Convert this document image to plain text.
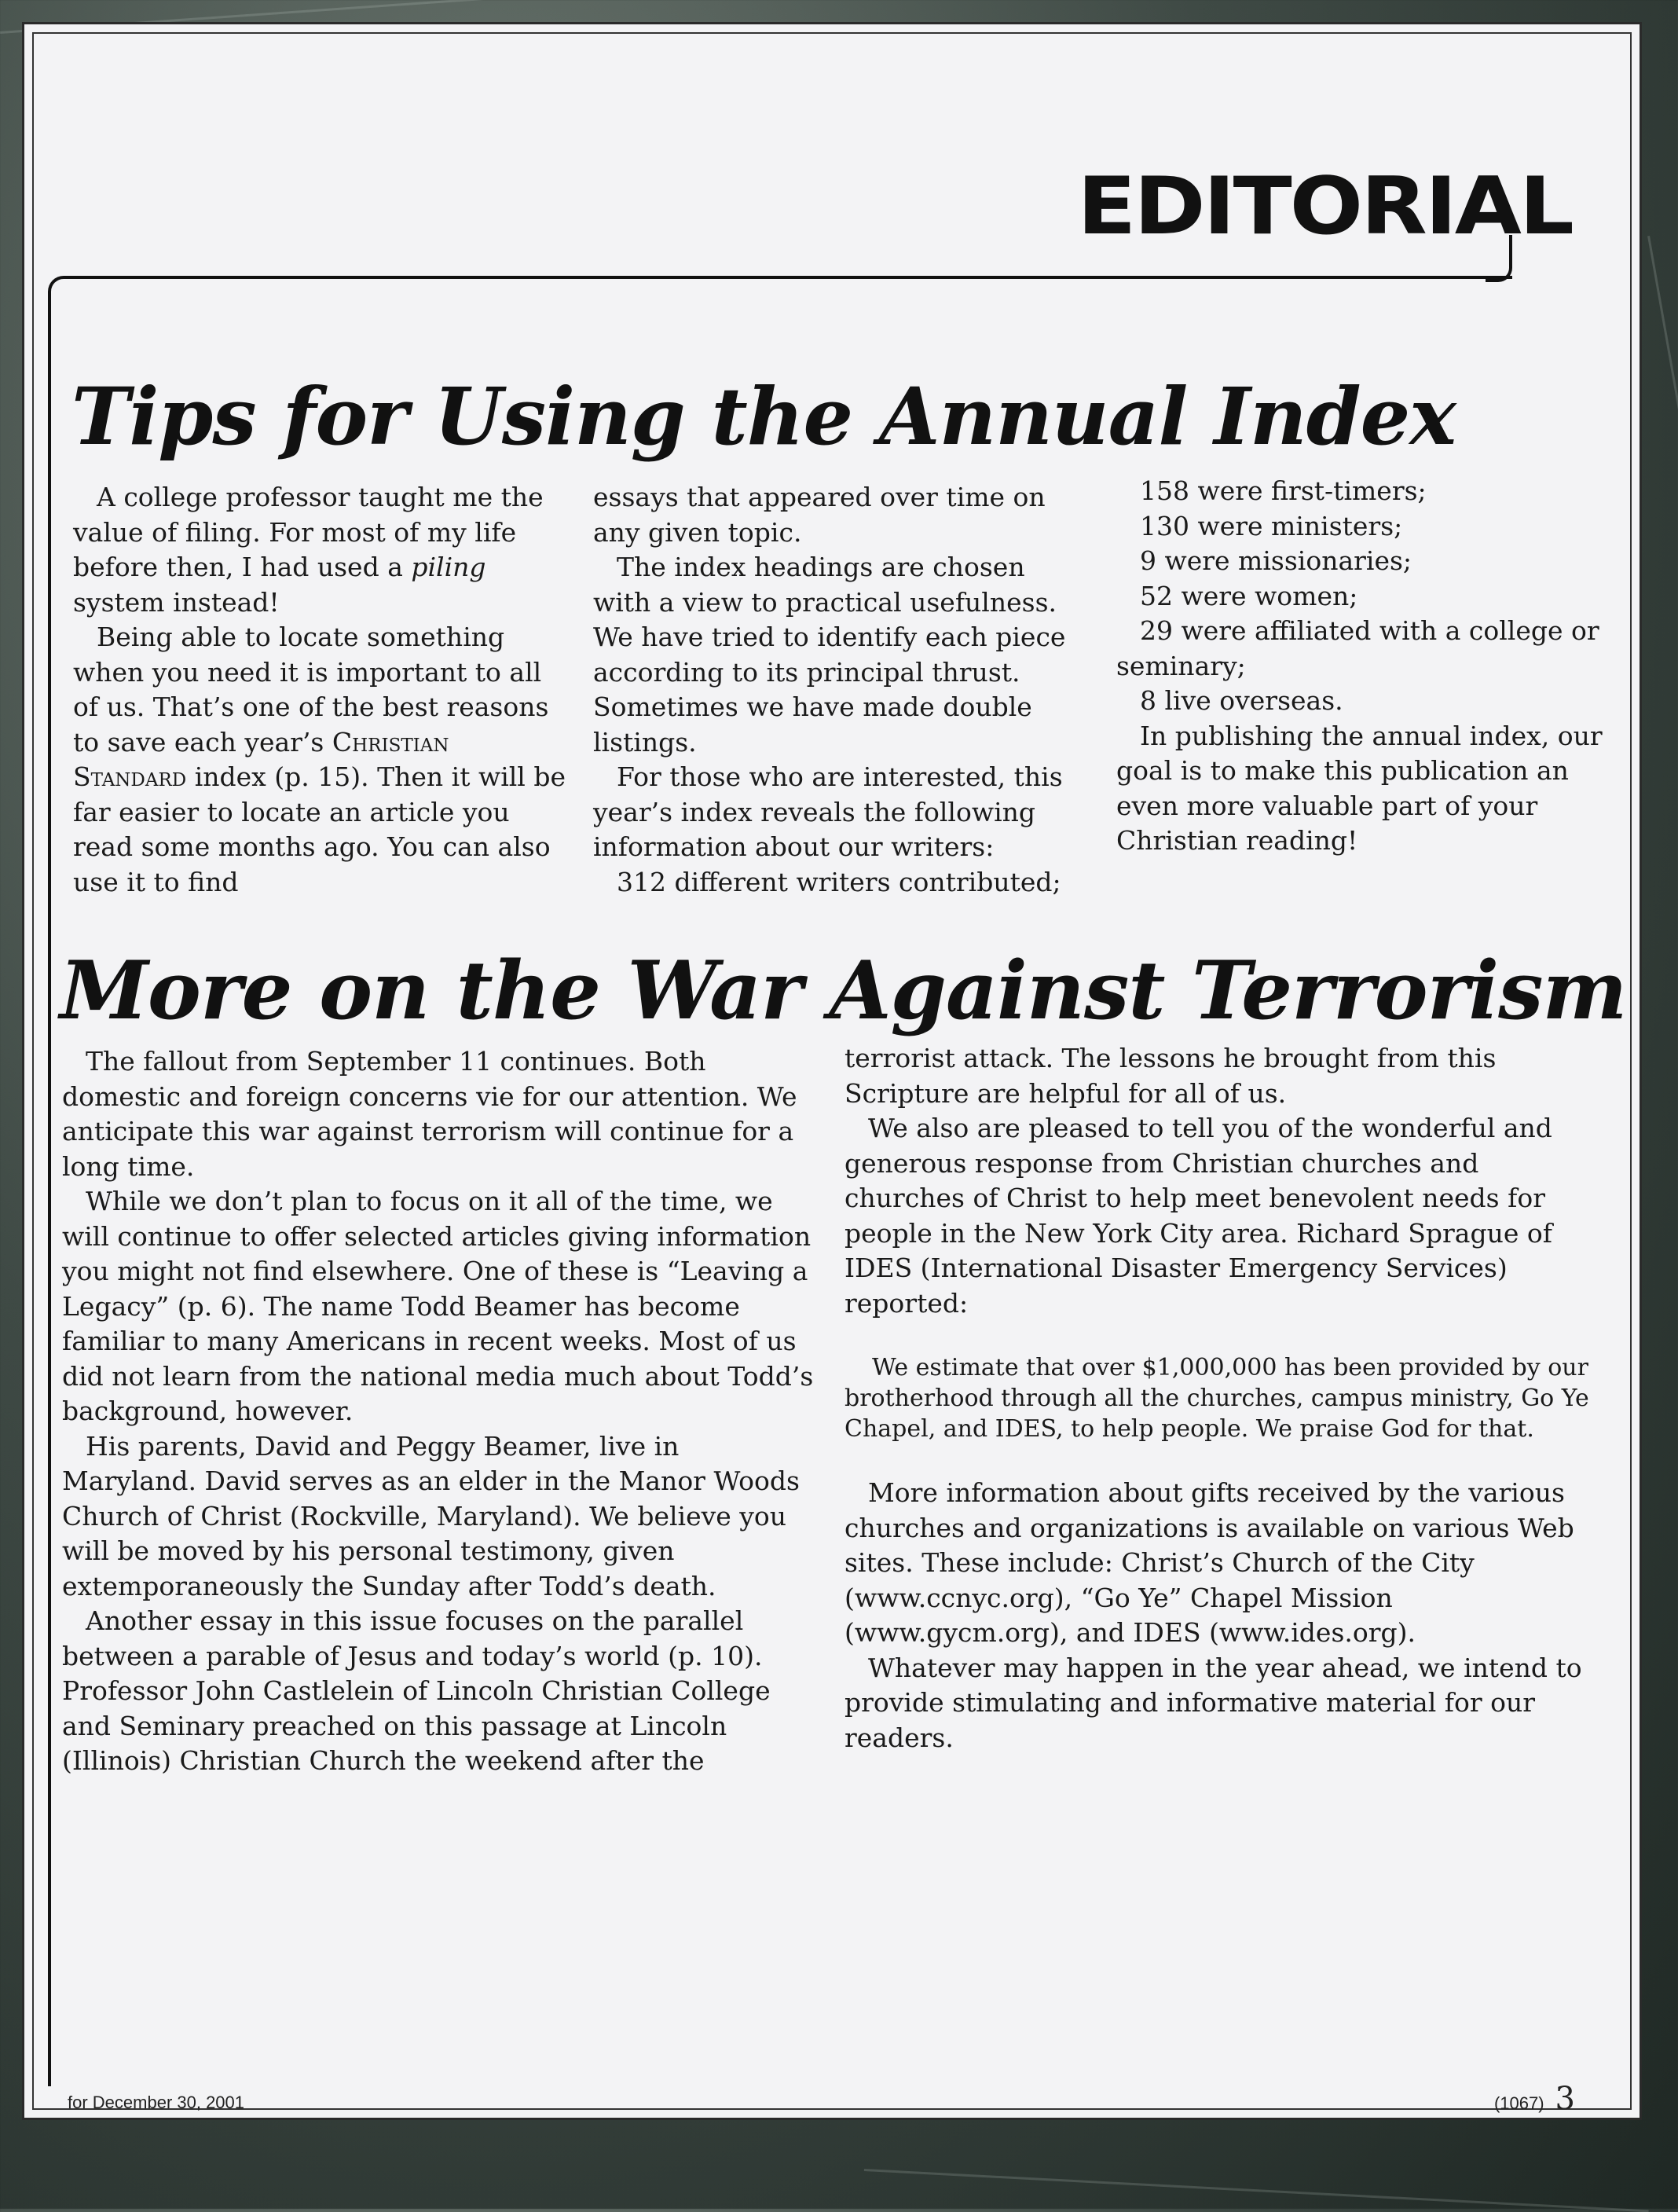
EDITORIAL
Tips for Using the Annual Index

A college professor taught me the value of filing. For most of my life before then, I had used a piling system instead!

Being able to locate something when you need it is important to all of us. That’s one of the best reasons to save each year’s Christian Standard index (p. 15). Then it will be far easier to locate an article you read some months ago. You can also use it to find

essays that appeared over time on any given topic.

The index headings are chosen with a view to practical usefulness. We have tried to identify each piece according to its principal thrust. Sometimes we have made double listings.

For those who are interested, this year’s index reveals the following information about our writers:

312 different writers contributed;

158 were first-timers;

130 were ministers;

9 were missionaries;

52 were women;

29 were affiliated with a college or seminary;

8 live overseas.

In publishing the annual index, our goal is to make this publication an even more valuable part of your Christian reading!

More on the War Against Terrorism

The fallout from September 11 continues. Both domestic and foreign concerns vie for our attention. We anticipate this war against terrorism will continue for a long time.

While we don’t plan to focus on it all of the time, we will continue to offer selected articles giving information you might not find elsewhere. One of these is “Leaving a Legacy” (p. 6). The name Todd Beamer has become familiar to many Americans in recent weeks. Most of us did not learn from the national media much about Todd’s background, however.

His parents, David and Peggy Beamer, live in Maryland. David serves as an elder in the Manor Woods Church of Christ (Rockville, Maryland). We believe you will be moved by his personal testimony, given extemporaneously the Sunday after Todd’s death.

Another essay in this issue focuses on the parallel between a parable of Jesus and today’s world (p. 10). Professor John Castlelein of Lincoln Christian College and Seminary preached on this passage at Lincoln (Illinois) Christian Church the weekend after the

terrorist attack. The lessons he brought from this Scripture are helpful for all of us.

We also are pleased to tell you of the wonderful and generous response from Christian churches and churches of Christ to help meet benevolent needs for people in the New York City area. Richard Sprague of IDES (International Disaster Emergency Services) reported:

We estimate that over $1,000,000 has been provided by our brotherhood through all the churches, campus ministry, Go Ye Chapel, and IDES, to help people. We praise God for that.

More information about gifts received by the various churches and organizations is available on various Web sites. These include: Christ’s Church of the City (www.ccnyc.org), “Go Ye” Chapel Mission (www.gycm.org), and IDES (www.ides.org).

Whatever may happen in the year ahead, we intend to provide stimulating and informative material for our readers.

for December 30, 2001	(1067) 3
